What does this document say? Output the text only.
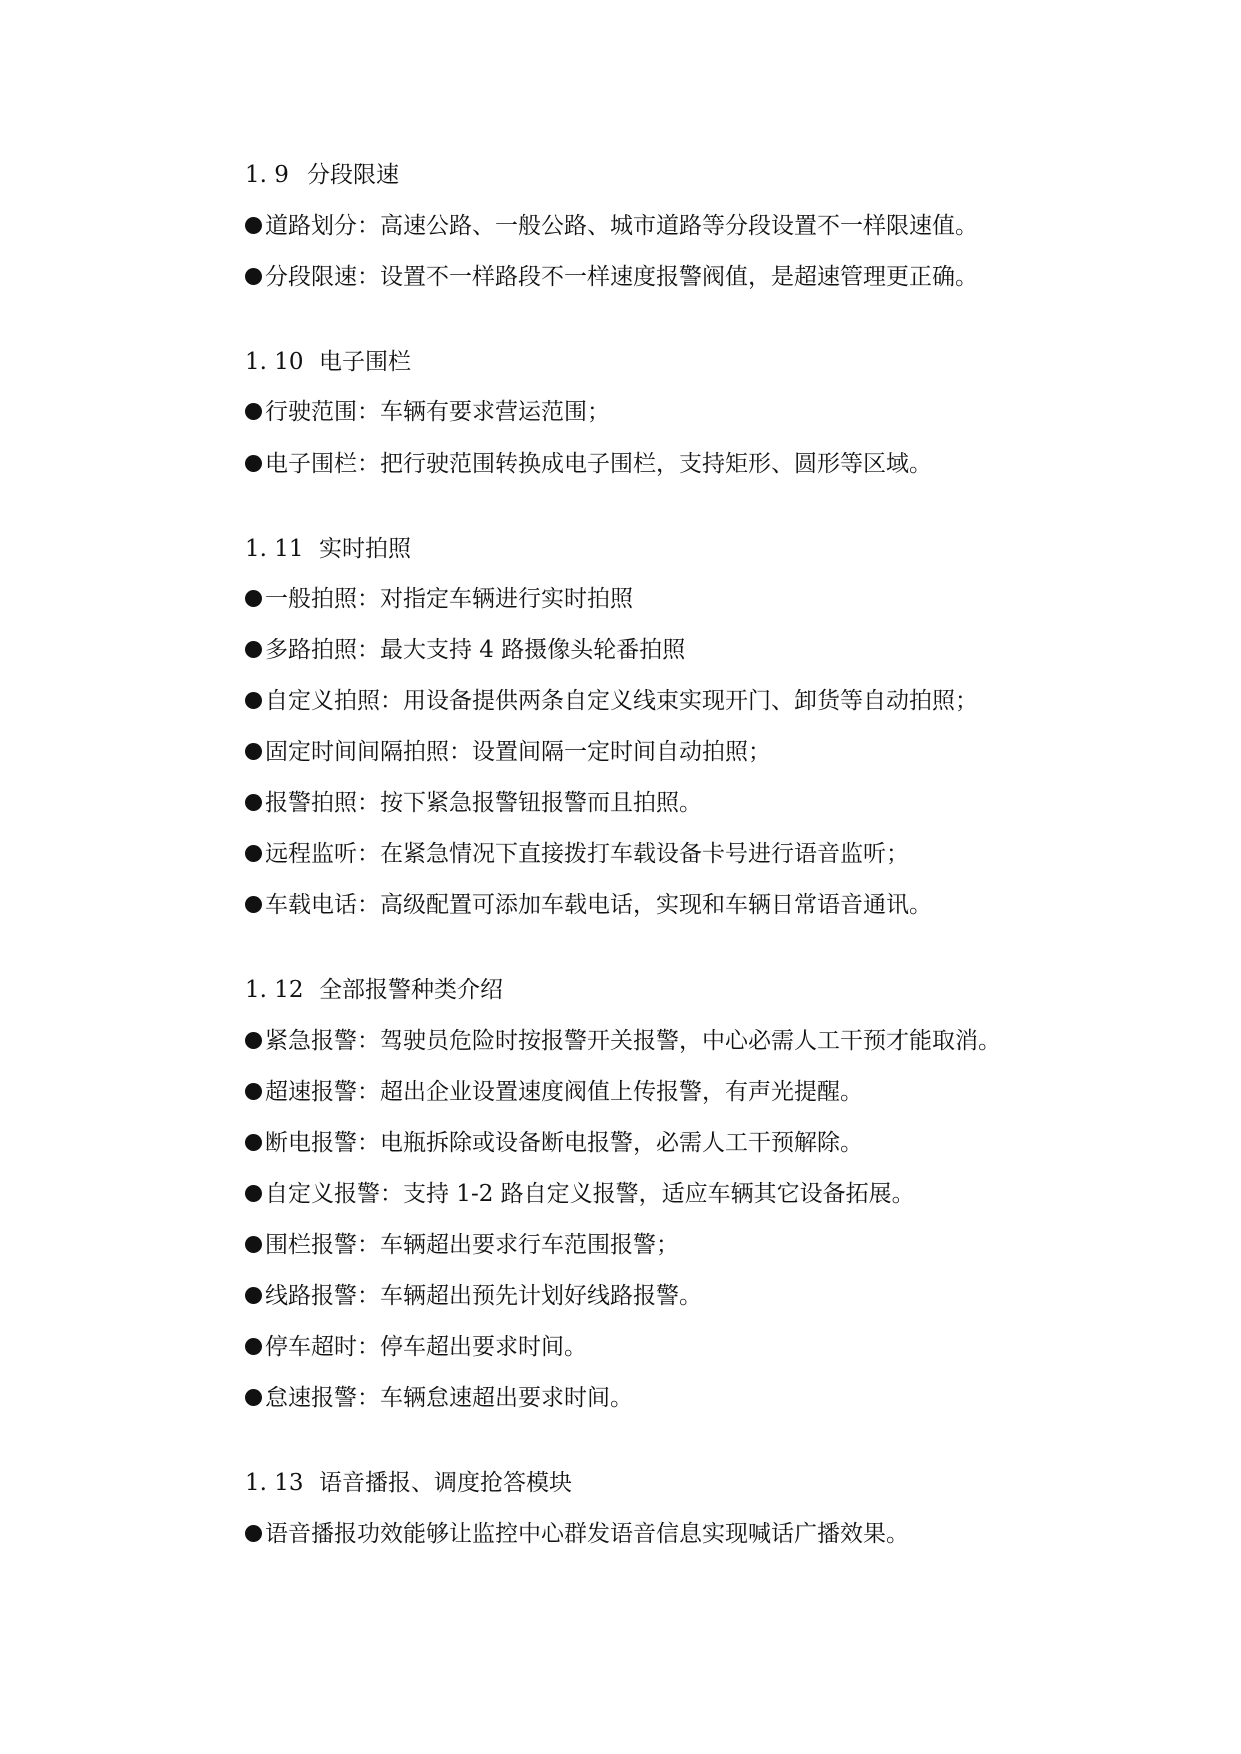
1. 9 分段限速
道路划分：高速公路、一般公路、城市道路等分段设置不一样限速值。
分段限速：设置不一样路段不一样速度报警阀值，是超速管理更正确。
1. 10 电子围栏
行驶范围：车辆有要求营运范围；
电子围栏：把行驶范围转换成电子围栏，支持矩形、圆形等区域。
1. 11 实时拍照
一般拍照：对指定车辆进行实时拍照
多路拍照：最大支持 4 路摄像头轮番拍照
自定义拍照：用设备提供两条自定义线束实现开门、卸货等自动拍照；
固定时间间隔拍照：设置间隔一定时间自动拍照；
报警拍照：按下紧急报警钮报警而且拍照。
远程监听：在紧急情况下直接拨打车载设备卡号进行语音监听；
车载电话：高级配置可添加车载电话，实现和车辆日常语音通讯。
1. 12 全部报警种类介绍
紧急报警：驾驶员危险时按报警开关报警，中心必需人工干预才能取消。
超速报警：超出企业设置速度阀值上传报警，有声光提醒。
断电报警：电瓶拆除或设备断电报警，必需人工干预解除。
自定义报警：支持 1-2 路自定义报警，适应车辆其它设备拓展。
围栏报警：车辆超出要求行车范围报警；
线路报警：车辆超出预先计划好线路报警。
停车超时：停车超出要求时间。
怠速报警：车辆怠速超出要求时间。
1. 13 语音播报、调度抢答模块
语音播报功效能够让监控中心群发语音信息实现喊话广播效果。
